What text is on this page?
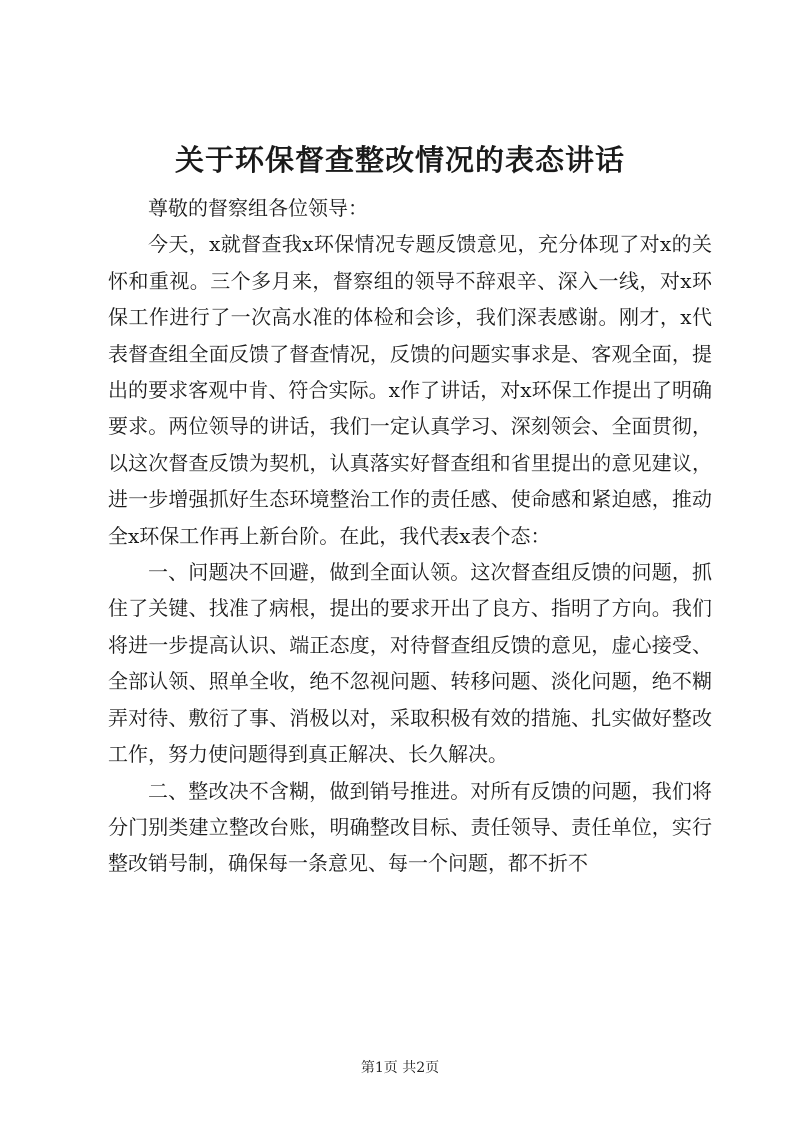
关于环保督查整改情况的表态讲话

尊敬的督察组各位领导：

今天，x就督查我x环保情况专题反馈意见，充分体现了对x的关怀和重视。三个多月来，督察组的领导不辞艰辛、深入一线，对x环保工作进行了一次高水准的体检和会诊，我们深表感谢。刚才，x代表督查组全面反馈了督查情况，反馈的问题实事求是、客观全面，提出的要求客观中肯、符合实际。x作了讲话，对x环保工作提出了明确要求。两位领导的讲话，我们一定认真学习、深刻领会、全面贯彻，以这次督查反馈为契机，认真落实好督查组和省里提出的意见建议，进一步增强抓好生态环境整治工作的责任感、使命感和紧迫感，推动全x环保工作再上新台阶。在此，我代表x表个态：

一、问题决不回避，做到全面认领。这次督查组反馈的问题，抓住了关键、找准了病根，提出的要求开出了良方、指明了方向。我们将进一步提高认识、端正态度，对待督查组反馈的意见，虚心接受、全部认领、照单全收，绝不忽视问题、转移问题、淡化问题，绝不糊弄对待、敷衍了事、消极以对，采取积极有效的措施、扎实做好整改工作，努力使问题得到真正解决、长久解决。

二、整改决不含糊，做到销号推进。对所有反馈的问题，我们将分门别类建立整改台账，明确整改目标、责任领导、责任单位，实行整改销号制，确保每一条意见、每一个问题，都不折不

第1页 共2页
